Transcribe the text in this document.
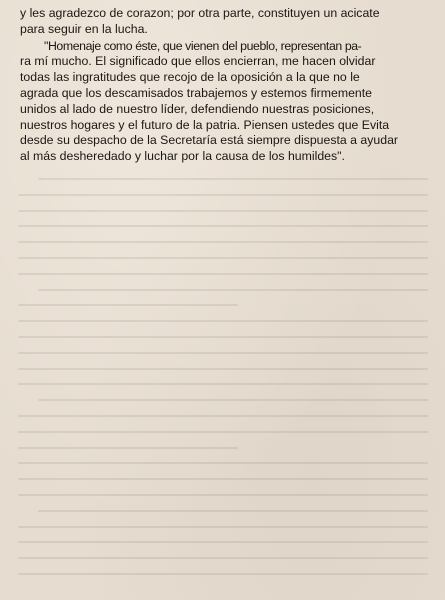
y les agradezco de corazon; por otra parte, constituyen un acicate
para seguir en la lucha.
"Homenaje como éste, que vienen del pueblo, representan pa-
ra mí mucho. El significado que ellos encierran, me hacen olvidar
todas las ingratitudes que recojo de la oposición a la que no le
agrada que los descamisados trabajemos y estemos firmemente
unidos al lado de nuestro líder, defendiendo nuestras posiciones,
nuestros hogares y el futuro de la patria. Piensen ustedes que Evita
desde su despacho de la Secretaría está siempre dispuesta a ayudar
al más desheredado y luchar por la causa de los humildes".
